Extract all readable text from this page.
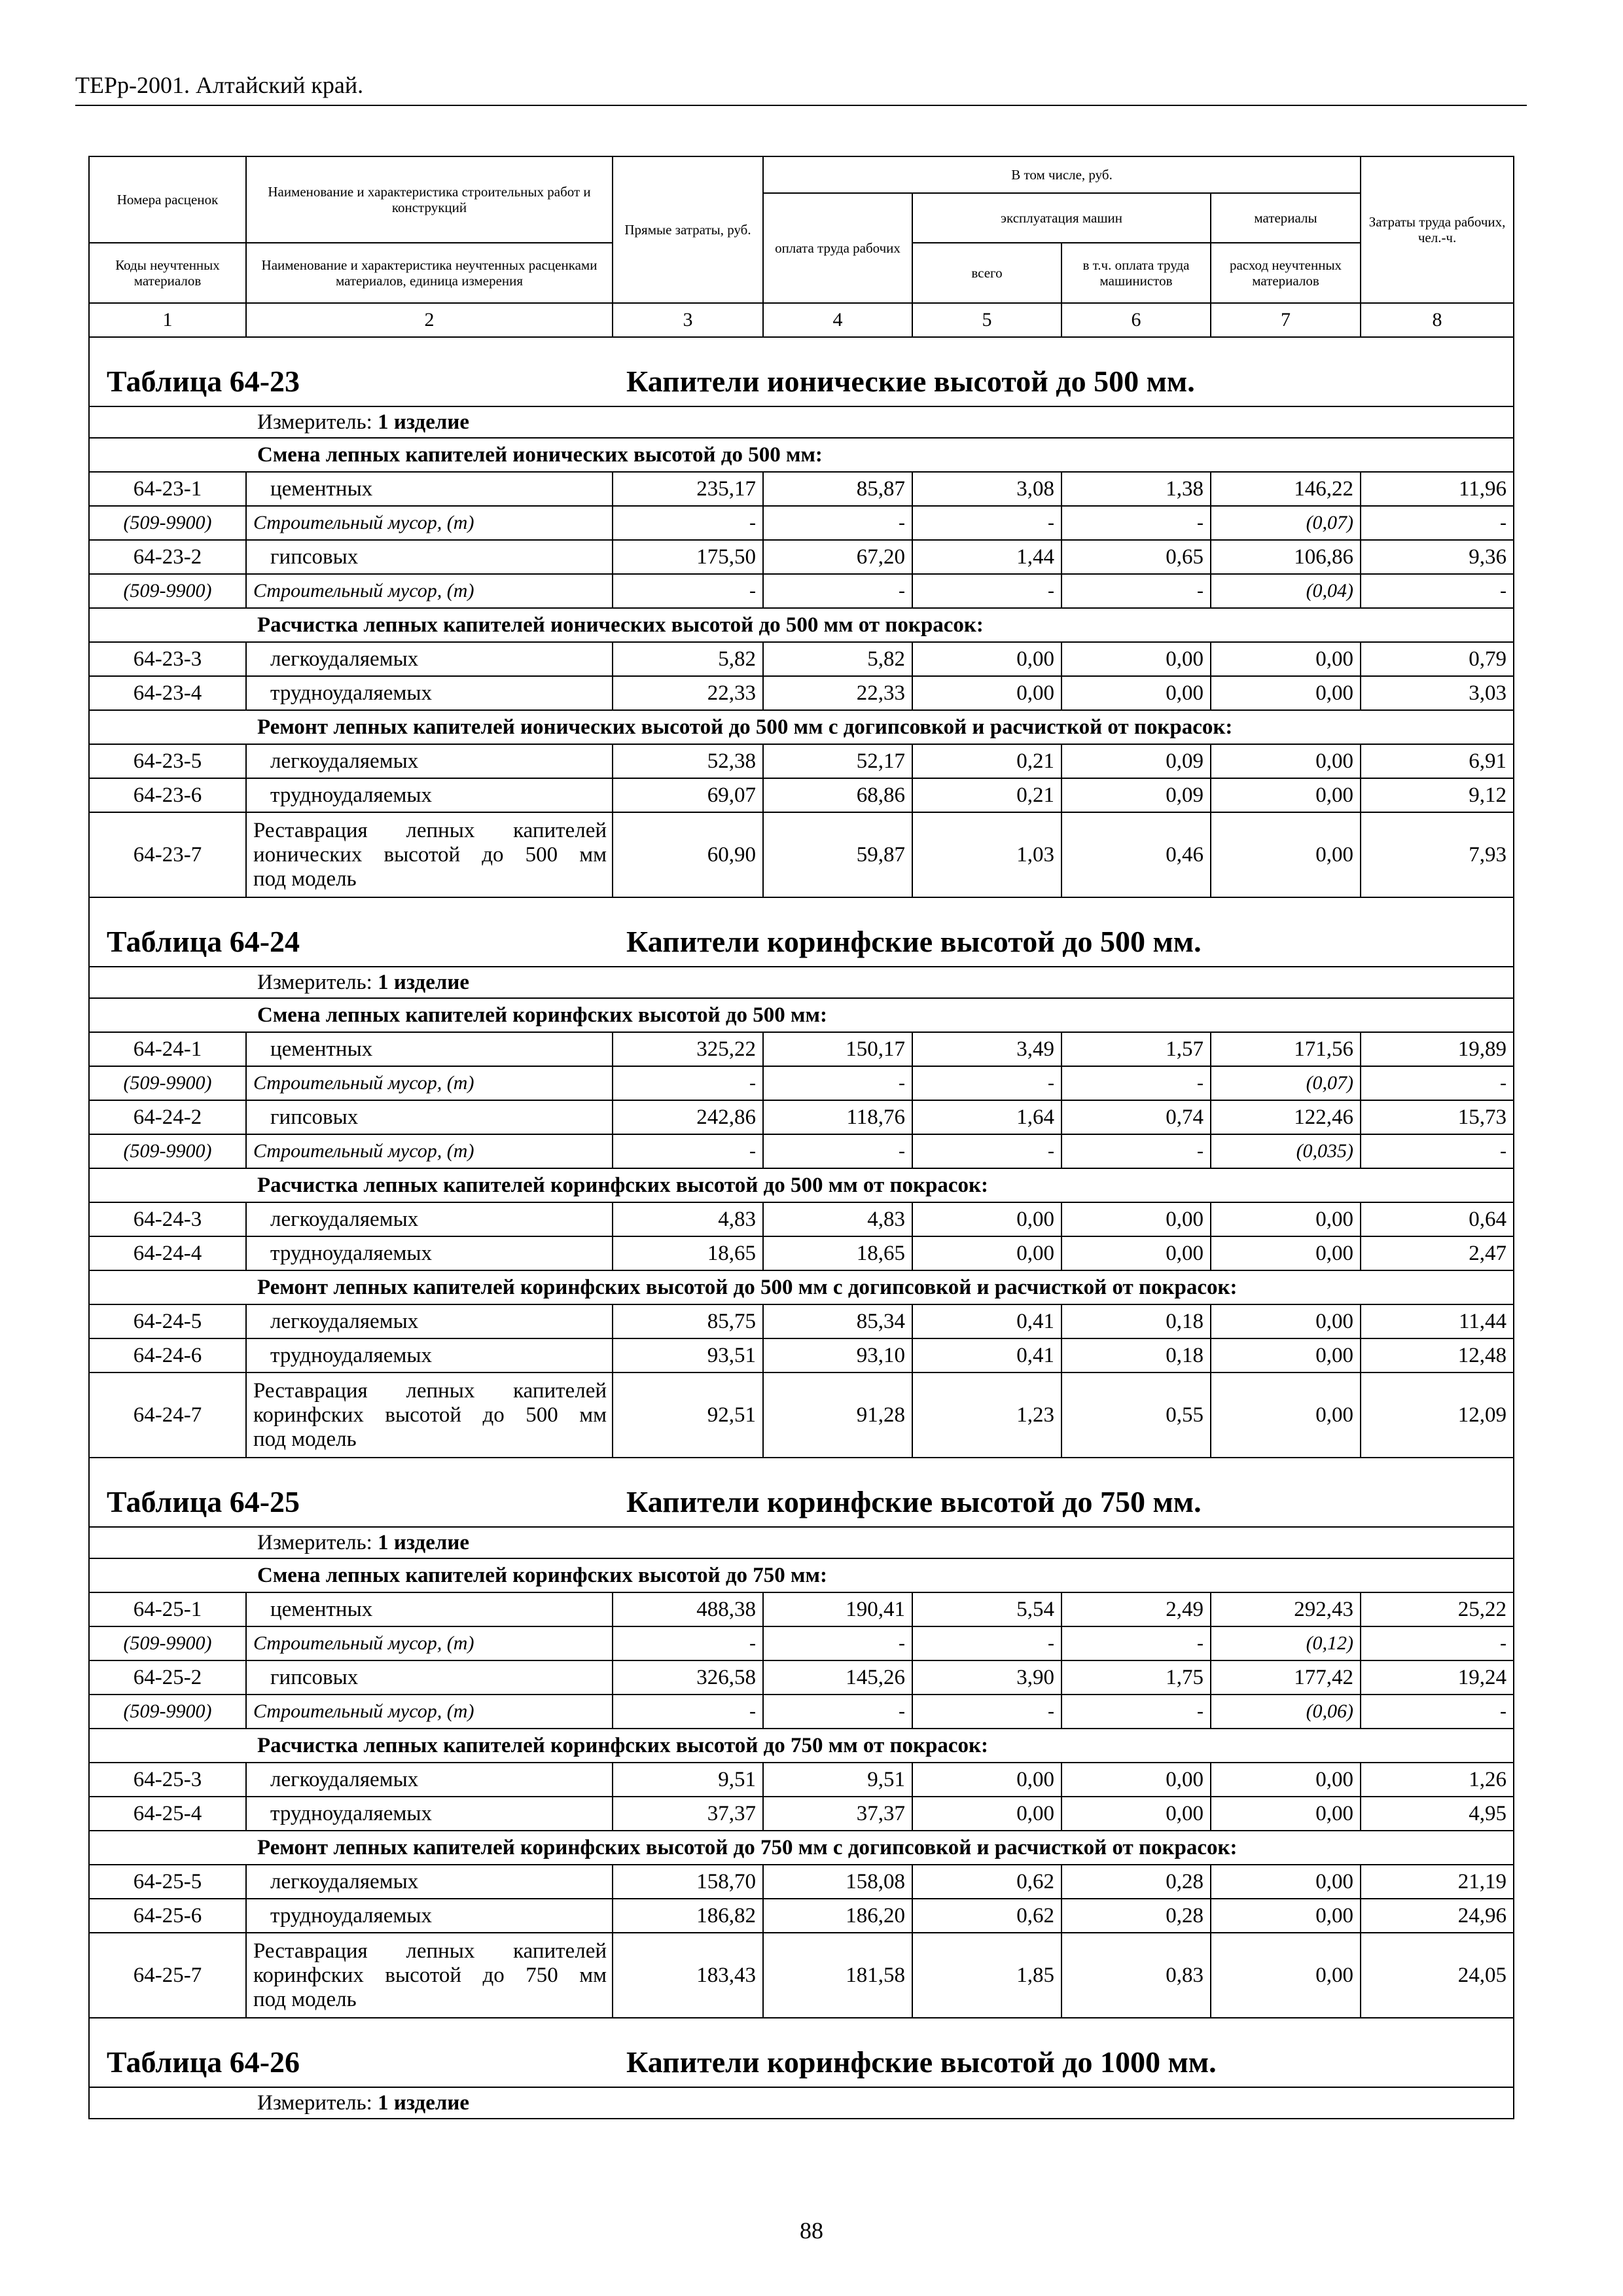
ТЕРр-2001. Алтайский край.
Номера расценок	Наименование и характеристика строительных работ и конструкций	Прямые затраты, руб.	В том числе, руб.				Затраты труда рабочих, чел.-ч.
			оплата труда рабочих	эксплуатация машин		материалы	
Коды неучтенных материалов	Наименование и характеристика неучтенных расценками материалов, единица измерения			всего	в т.ч. оплата труда машинистов	расход неучтенных материалов	
1	2	3	4	5	6	7	8

Таблица 64-23 Капители ионические высотой до 500 мм.							

Измеритель: 1 изделие							

Смена лепных капителей ионических высотой до 500 мм:							
64-23-1	цементных	235,17	85,87	3,08	1,38	146,22	11,96
(509-9900)	Строительный мусор, (т)	-	-	-	-	(0,07)	-
64-23-2	гипсовых	175,50	67,20	1,44	0,65	106,86	9,36
(509-9900)	Строительный мусор, (т)	-	-	-	-	(0,04)	-
Расчистка лепных капителей ионических высотой до 500 мм от покрасок:							
64-23-3	легкоудаляемых	5,82	5,82	0,00	0,00	0,00	0,79
64-23-4	трудноудаляемых	22,33	22,33	0,00	0,00	0,00	3,03
Ремонт лепных капителей ионических высотой до 500 мм с догипсовкой и расчисткой от покрасок:							
64-23-5	легкоудаляемых	52,38	52,17	0,21	0,09	0,00	6,91
64-23-6	трудноудаляемых	69,07	68,86	0,21	0,09	0,00	9,12
64-23-7	Реставрация лепных капителей
ионических высотой до 500 мм
под модель	60,90	59,87	1,03	0,46	0,00	7,93

Таблица 64-24 Капители коринфские высотой до 500 мм.							

Измеритель: 1 изделие							

Смена лепных капителей коринфских высотой до 500 мм:							
64-24-1	цементных	325,22	150,17	3,49	1,57	171,56	19,89
(509-9900)	Строительный мусор, (т)	-	-	-	-	(0,07)	-
64-24-2	гипсовых	242,86	118,76	1,64	0,74	122,46	15,73
(509-9900)	Строительный мусор, (т)	-	-	-	-	(0,035)	-
Расчистка лепных капителей коринфских высотой до 500 мм от покрасок:							
64-24-3	легкоудаляемых	4,83	4,83	0,00	0,00	0,00	0,64
64-24-4	трудноудаляемых	18,65	18,65	0,00	0,00	0,00	2,47
Ремонт лепных капителей коринфских высотой до 500 мм с догипсовкой и расчисткой от покрасок:							
64-24-5	легкоудаляемых	85,75	85,34	0,41	0,18	0,00	11,44
64-24-6	трудноудаляемых	93,51	93,10	0,41	0,18	0,00	12,48
64-24-7	Реставрация лепных капителей
коринфских высотой до 500 мм
под модель	92,51	91,28	1,23	0,55	0,00	12,09

Таблица 64-25 Капители коринфские высотой до 750 мм.							

Измеритель: 1 изделие							

Смена лепных капителей коринфских высотой до 750 мм:							
64-25-1	цементных	488,38	190,41	5,54	2,49	292,43	25,22
(509-9900)	Строительный мусор, (т)	-	-	-	-	(0,12)	-
64-25-2	гипсовых	326,58	145,26	3,90	1,75	177,42	19,24
(509-9900)	Строительный мусор, (т)	-	-	-	-	(0,06)	-
Расчистка лепных капителей коринфских высотой до 750 мм от покрасок:							
64-25-3	легкоудаляемых	9,51	9,51	0,00	0,00	0,00	1,26
64-25-4	трудноудаляемых	37,37	37,37	0,00	0,00	0,00	4,95
Ремонт лепных капителей коринфских высотой до 750 мм с догипсовкой и расчисткой от покрасок:							
64-25-5	легкоудаляемых	158,70	158,08	0,62	0,28	0,00	21,19
64-25-6	трудноудаляемых	186,82	186,20	0,62	0,28	0,00	24,96
64-25-7	Реставрация лепных капителей
коринфских высотой до 750 мм
под модель	183,43	181,58	1,85	0,83	0,00	24,05

Таблица 64-26 Капители коринфские высотой до 1000 мм.							

Измеритель: 1 изделие							
88
